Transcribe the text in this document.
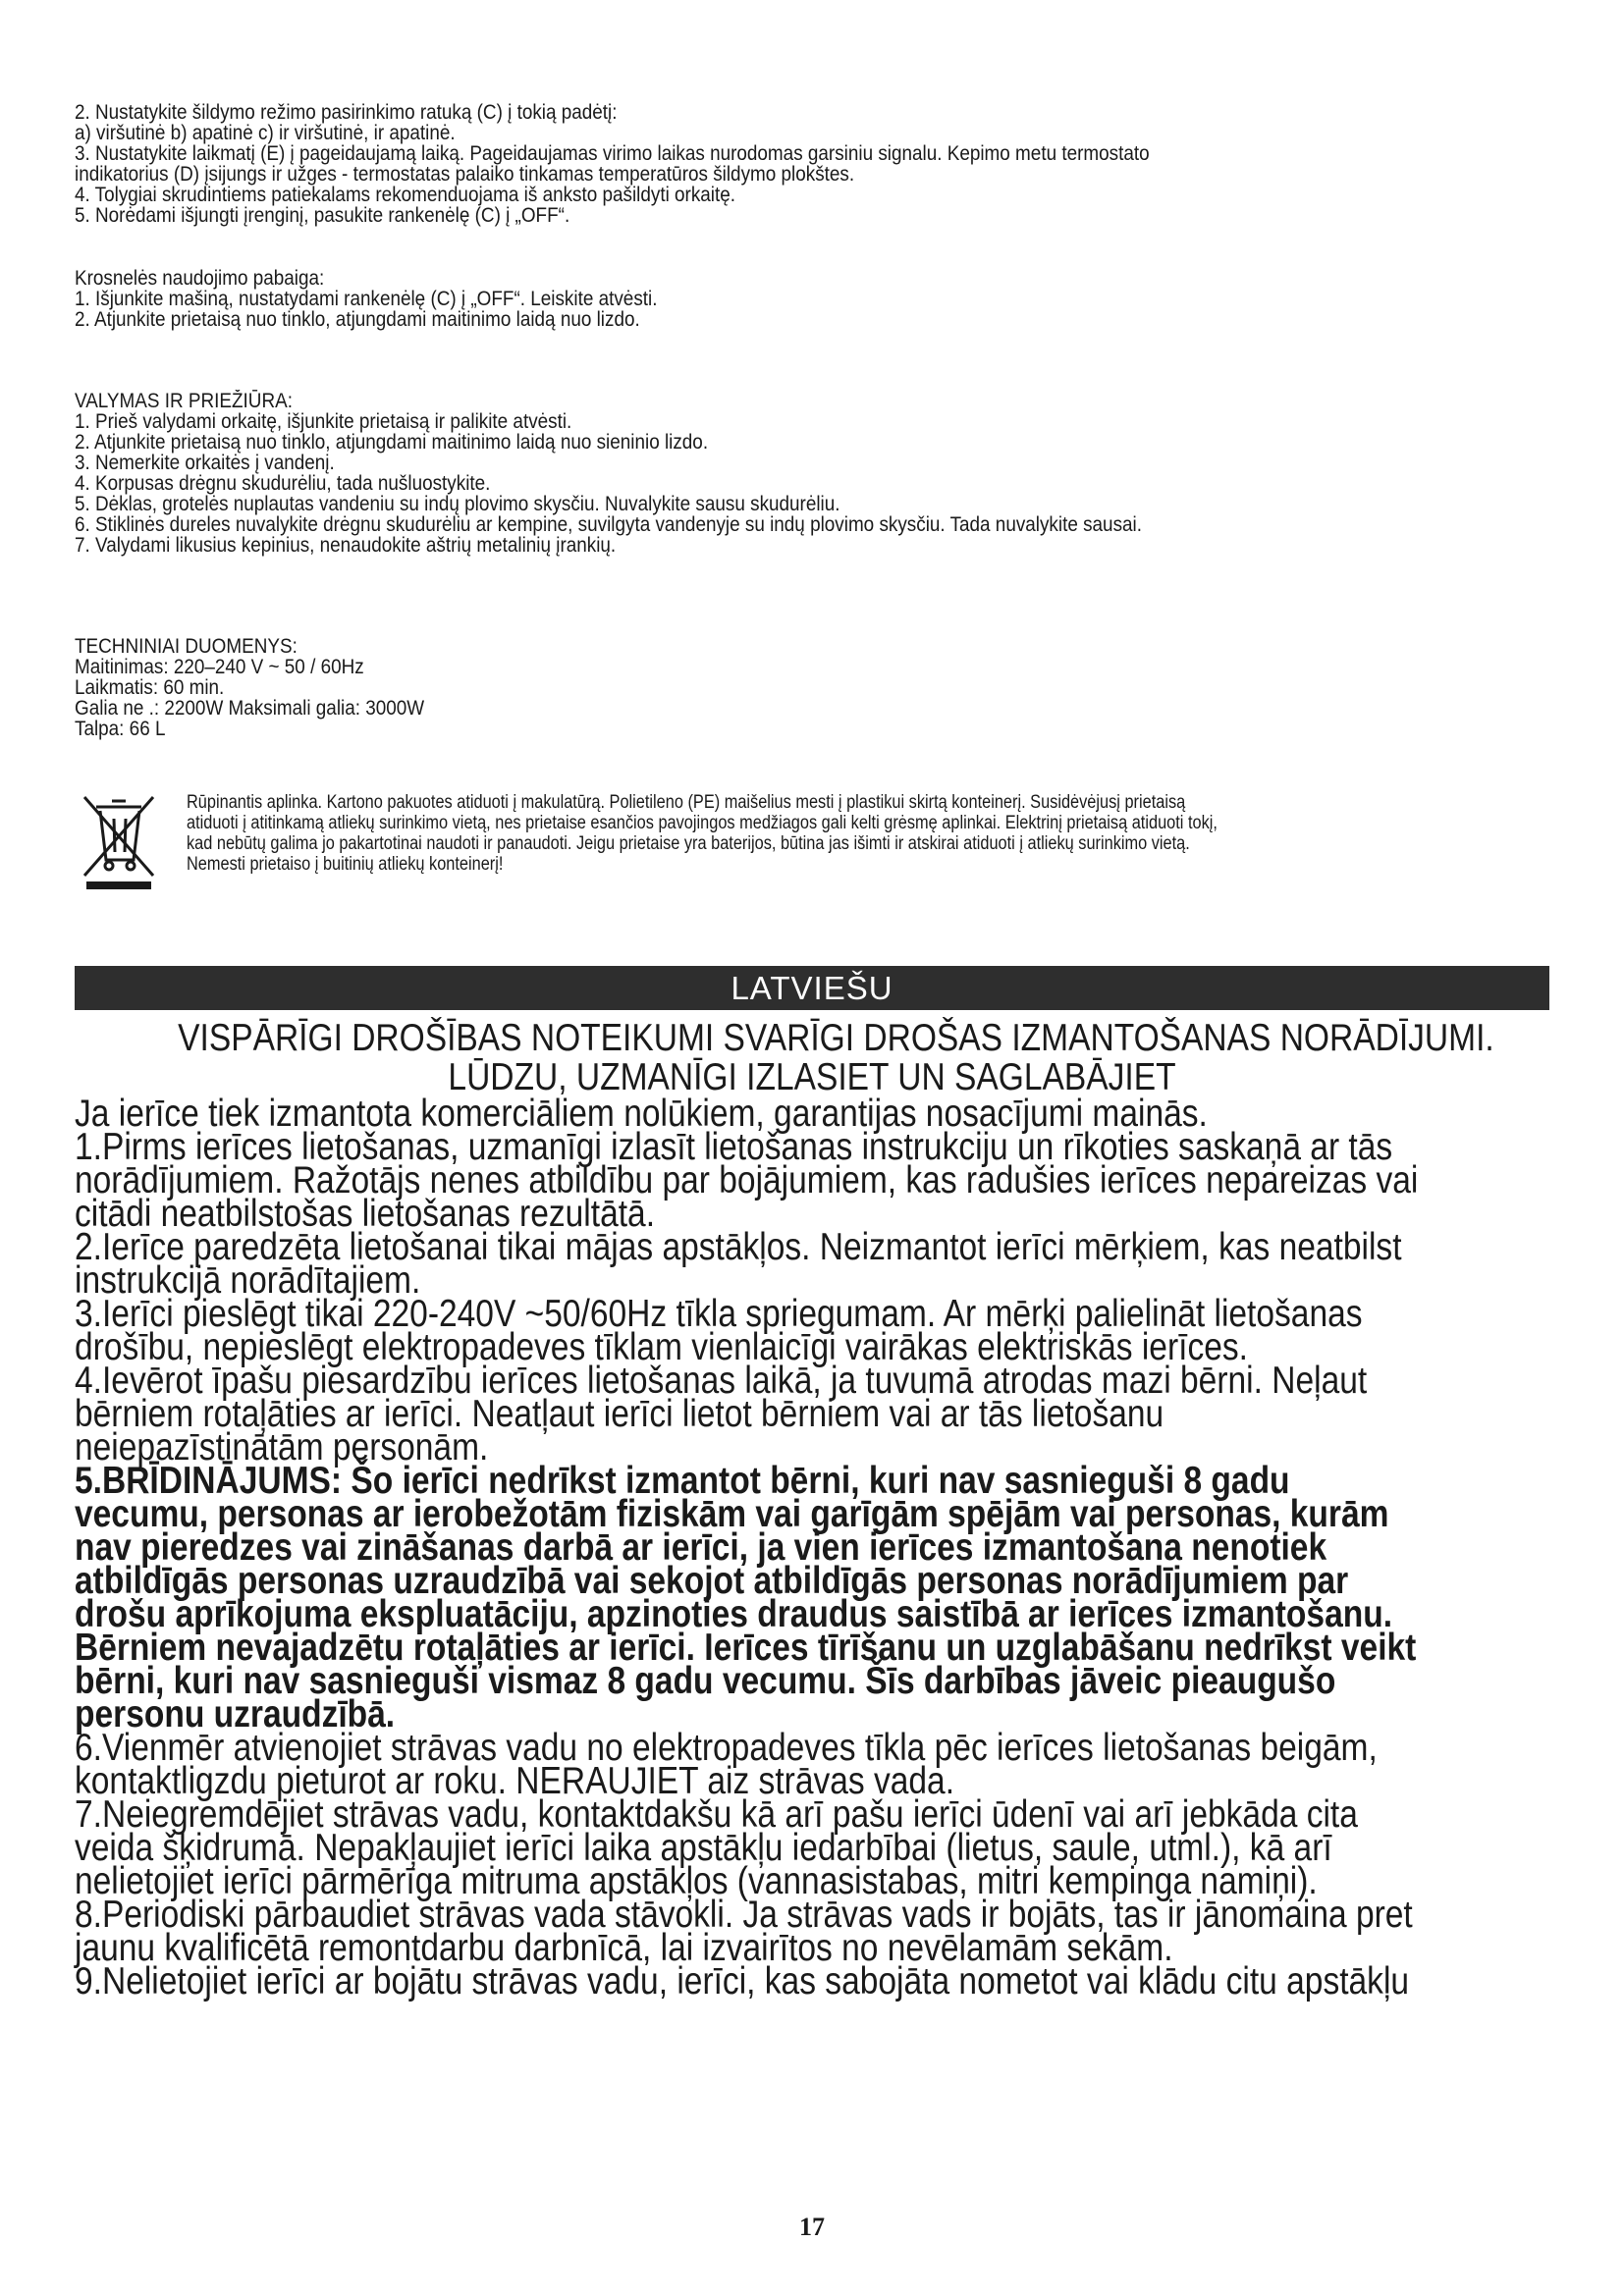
2. Nustatykite šildymo režimo pasirinkimo ratuką (C) į tokią padėtį:

a) viršutinė b) apatinė c) ir viršutinė, ir apatinė.

3. Nustatykite laikmatį (E) į pageidaujamą laiką. Pageidaujamas virimo laikas nurodomas garsiniu signalu. Kepimo metu termostato

indikatorius (D) įsijungs ir užges - termostatas palaiko tinkamas temperatūros šildymo plokštes.

4. Tolygiai skrudintiems patiekalams rekomenduojama iš anksto pašildyti orkaitę.

5. Norėdami išjungti įrenginį, pasukite rankenėlę (C) į „OFF“.

Krosnelės naudojimo pabaiga:

1. Išjunkite mašiną, nustatydami rankenėlę (C) į „OFF“. Leiskite atvėsti.

2. Atjunkite prietaisą nuo tinklo, atjungdami maitinimo laidą nuo lizdo.

VALYMAS IR PRIEŽIŪRA:

1. Prieš valydami orkaitę, išjunkite prietaisą ir palikite atvėsti.

2. Atjunkite prietaisą nuo tinklo, atjungdami maitinimo laidą nuo sieninio lizdo.

3. Nemerkite orkaitės į vandenį.

4. Korpusas drėgnu skudurėliu, tada nušluostykite.

5. Dėklas, grotelės nuplautas vandeniu su indų plovimo skysčiu. Nuvalykite sausu skudurėliu.

6. Stiklinės dureles nuvalykite drėgnu skudurėliu ar kempine, suvilgyta vandenyje su indų plovimo skysčiu. Tada nuvalykite sausai.

7. Valydami likusius kepinius, nenaudokite aštrių metalinių įrankių.

TECHNINIAI DUOMENYS:

Maitinimas: 220–240 V ~ 50 / 60Hz

Laikmatis: 60 min.

Galia ne .: 2200W Maksimali galia: 3000W

Talpa: 66 L

Rūpinantis aplinka. Kartono pakuotes atiduoti į makulatūrą. Polietileno (PE) maišelius mesti į plastikui skirtą konteinerį. Susidėvėjusį prietaisą

atiduoti į atitinkamą atliekų surinkimo vietą, nes prietaise esančios pavojingos medžiagos gali kelti grėsmę aplinkai. Elektrinį prietaisą atiduoti tokį,

kad nebūtų galima jo pakartotinai naudoti ir panaudoti. Jeigu prietaise yra baterijos, būtina jas išimti ir atskirai atiduoti į atliekų surinkimo vietą.

Nemesti prietaiso į buitinių atliekų konteinerį!

LATVIEŠU

VISPĀRĪGI DROŠĪBAS NOTEIKUMI SVARĪGI DROŠAS IZMANTOŠANAS NORĀDĪJUMI.

LŪDZU, UZMANĪGI IZLASIET UN SAGLABĀJIET

Ja ierīce tiek izmantota komerciāliem nolūkiem, garantijas nosacījumi mainās.

1.Pirms ierīces lietošanas, uzmanīgi izlasīt lietošanas instrukciju un rīkoties saskaņā ar tās

norādījumiem. Ražotājs nenes atbildību par bojājumiem, kas radušies ierīces nepareizas vai

citādi neatbilstošas lietošanas rezultātā.

2.Ierīce paredzēta lietošanai tikai mājas apstākļos. Neizmantot ierīci mērķiem, kas neatbilst

instrukcijā norādītajiem.

3.Ierīci pieslēgt tikai 220-240V ~50/60Hz tīkla spriegumam. Ar mērķi palielināt lietošanas

drošību, nepieslēgt elektropadeves tīklam vienlaicīgi vairākas elektriskās ierīces.

4.Ievērot īpašu piesardzību ierīces lietošanas laikā, ja tuvumā atrodas mazi bērni. Neļaut

bērniem rotaļāties ar ierīci. Neatļaut ierīci lietot bērniem vai ar tās lietošanu

neiepazīstinātām personām.

5.BRĪDINĀJUMS: Šo ierīci nedrīkst izmantot bērni, kuri nav sasnieguši 8 gadu

vecumu, personas ar ierobežotām fiziskām vai garīgām spējām vai personas, kurām

nav pieredzes vai zināšanas darbā ar ierīci, ja vien ierīces izmantošana nenotiek

atbildīgās personas uzraudzībā vai sekojot atbildīgās personas norādījumiem par

drošu aprīkojuma ekspluatāciju, apzinoties draudus saistībā ar ierīces izmantošanu.

Bērniem nevajadzētu rotaļāties ar ierīci. Ierīces tīrīšanu un uzglabāšanu nedrīkst veikt

bērni, kuri nav sasnieguši vismaz 8 gadu vecumu. Šīs darbības jāveic pieaugušo

personu uzraudzībā.

6.Vienmēr atvienojiet strāvas vadu no elektropadeves tīkla pēc ierīces lietošanas beigām,

kontaktligzdu pieturot ar roku. NERAUJIET aiz strāvas vada.

7.Neiegremdējiet strāvas vadu, kontaktdakšu kā arī pašu ierīci ūdenī vai arī jebkāda cita

veida šķidrumā. Nepakļaujiet ierīci laika apstākļu iedarbībai (lietus, saule, utml.), kā arī

nelietojiet ierīci pārmērīga mitruma apstākļos (vannasistabas, mitri kempinga namiņi).

8.Periodiski pārbaudiet strāvas vada stāvokli. Ja strāvas vads ir bojāts, tas ir jānomaina pret

jaunu kvalificētā remontdarbu darbnīcā, lai izvairītos no nevēlamām sekām.

9.Nelietojiet ierīci ar bojātu strāvas vadu, ierīci, kas sabojāta nometot vai klādu citu apstākļu

17
